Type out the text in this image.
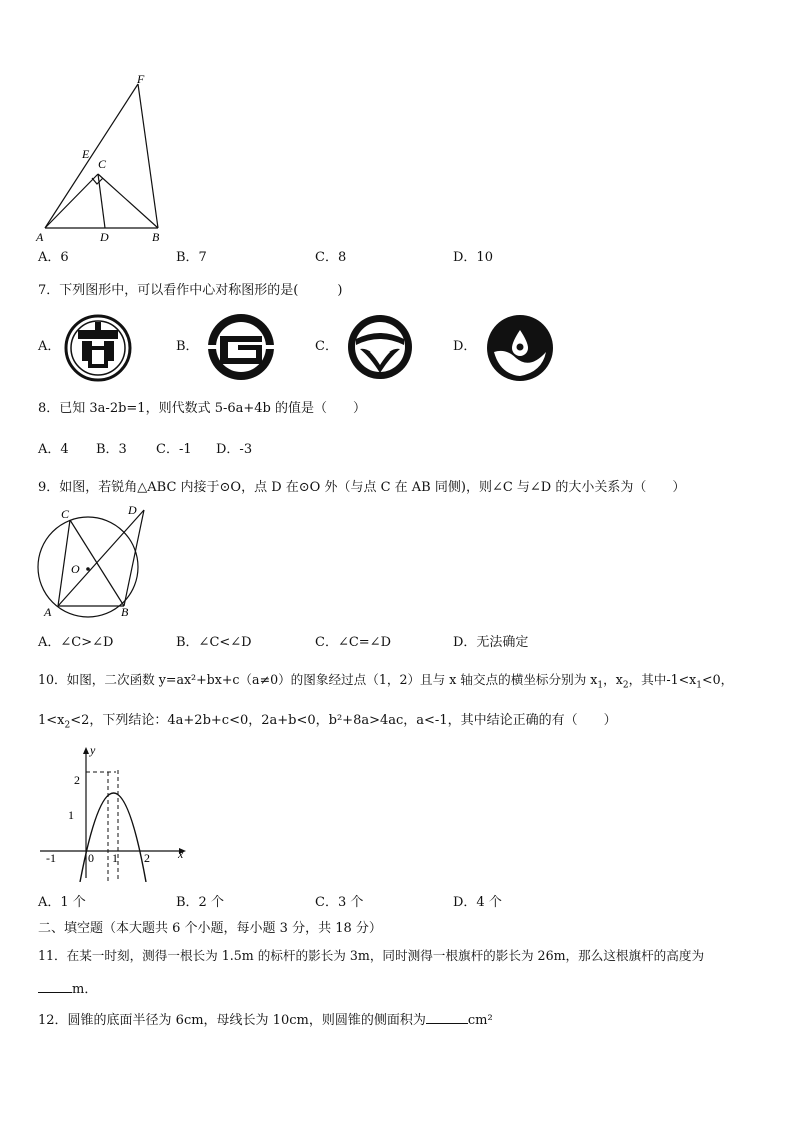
F
E
C
A	D	B
A．6	B．7	C．8	D．10
7．下列图形中，可以看作中心对称图形的是(　　　)
A．	B．	C．	D．
8．已知 3a-2b=1，则代数式 5-6a+4b 的值是（　　）
A．4 B．3 C．-1 D．-3
9．如图，若锐角△ABC 内接于⊙O，点 D 在⊙O 外（与点 C 在 AB 同侧)，则∠C 与∠D 的大小关系为（　　）
C	D
O
A	B
A．∠C>∠D	B．∠C<∠D	C．∠C=∠D	D．无法确定
10．如图，二次函数 y=ax²+bx+c（a≠0）的图象经过点（1，2）且与 x 轴交点的横坐标分别为 $x_1$，$x_2$，其中$-1<x_1<0$，
$1<x_2<2$，下列结论：4a+2b+c<0，2a+b<0，b²+8a>4ac，a<-1，其中结论正确的有（　　）
y
x
2
1
-1	0 1 2
A．1 个	B．2 个	C．3 个	D．4 个
二、填空题（本大题共 6 个小题，每小题 3 分，共 18 分）
11．在某一时刻，测得一根长为 1.5m 的标杆的影长为 3m，同时测得一根旗杆的影长为 26m，那么这根旗杆的高度为
m．
12．圆锥的底面半径为 6cm，母线长为 10cm，则圆锥的侧面积为	cm²
